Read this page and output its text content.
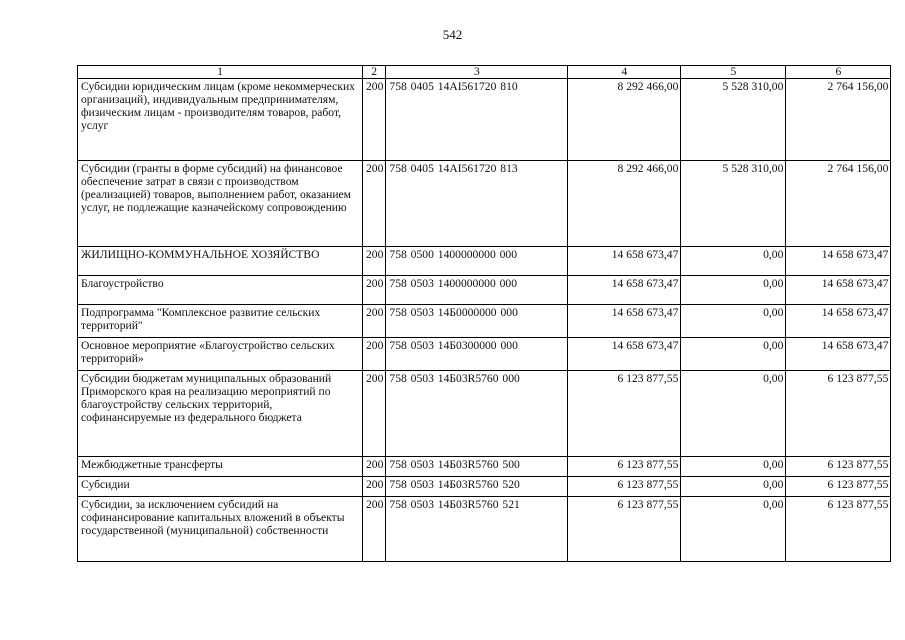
542
1	2	3	4	5	6
Субсидии юридическим лицам (кроме некоммерческих организаций), индивидуальным предпринимателям, физическим лицам - производителям товаров, работ, услуг	200	758 0405 14АI561720 810	8 292 466,00	5 528 310,00	2 764 156,00
Субсидии (гранты в форме субсидий) на финансовое обеспечение затрат в связи с производством (реализацией) товаров, выполнением работ, оказанием услуг, не подлежащие казначейскому сопровождению	200	758 0405 14АI561720 813	8 292 466,00	5 528 310,00	2 764 156,00
ЖИЛИЩНО-КОММУНАЛЬНОЕ ХОЗЯЙСТВО	200	758 0500 1400000000 000	14 658 673,47	0,00	14 658 673,47
Благоустройство	200	758 0503 1400000000 000	14 658 673,47	0,00	14 658 673,47
Подпрограмма "Комплексное развитие сельских территорий"	200	758 0503 14Б0000000 000	14 658 673,47	0,00	14 658 673,47
Основное мероприятие «Благоустройство сельских территорий»	200	758 0503 14Б0300000 000	14 658 673,47	0,00	14 658 673,47
Субсидии бюджетам муниципальных образований Приморского края на реализацию мероприятий по благоустройству сельских территорий, софинансируемые из федерального бюджета	200	758 0503 14Б03R5760 000	6 123 877,55	0,00	6 123 877,55
Межбюджетные трансферты	200	758 0503 14Б03R5760 500	6 123 877,55	0,00	6 123 877,55
Субсидии	200	758 0503 14Б03R5760 520	6 123 877,55	0,00	6 123 877,55
Субсидии, за исключением субсидий на софинансирование капитальных вложений в объекты государственной (муниципальной) собственности	200	758 0503 14Б03R5760 521	6 123 877,55	0,00	6 123 877,55
